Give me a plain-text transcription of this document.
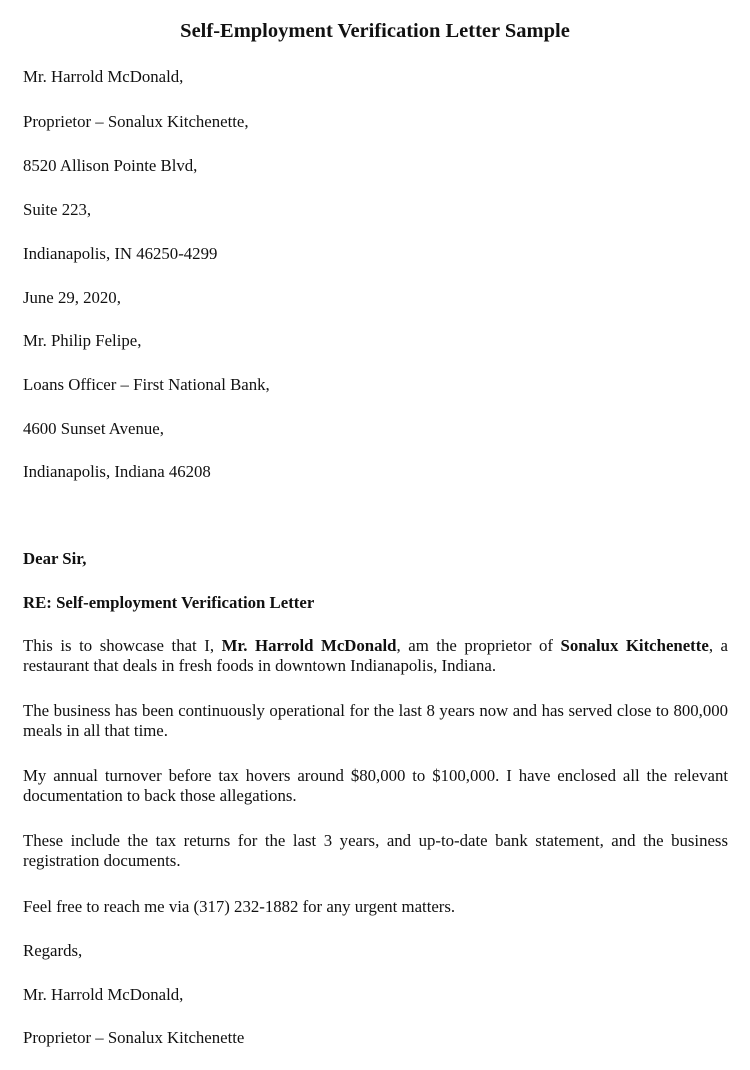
Self-Employment Verification Letter Sample

Mr. Harrold McDonald,

Proprietor – Sonalux Kitchenette,

8520 Allison Pointe Blvd,

Suite 223,

Indianapolis, IN 46250-4299

June 29, 2020,

Mr. Philip Felipe,

Loans Officer – First National Bank,

4600 Sunset Avenue,

Indianapolis, Indiana 46208

Dear Sir,

RE: Self-employment Verification Letter

This is to showcase that I, Mr. Harrold McDonald, am the proprietor of Sonalux Kitchenette, a restaurant that deals in fresh foods in downtown Indianapolis, Indiana.

The business has been continuously operational for the last 8 years now and has served close to 800,000 meals in all that time.

My annual turnover before tax hovers around $80,000 to $100,000. I have enclosed all the relevant documentation to back those allegations.

These include the tax returns for the last 3 years, and up-to-date bank statement, and the business registration documents.

Feel free to reach me via (317) 232-1882 for any urgent matters.

Regards,

Mr. Harrold McDonald,

Proprietor – Sonalux Kitchenette
